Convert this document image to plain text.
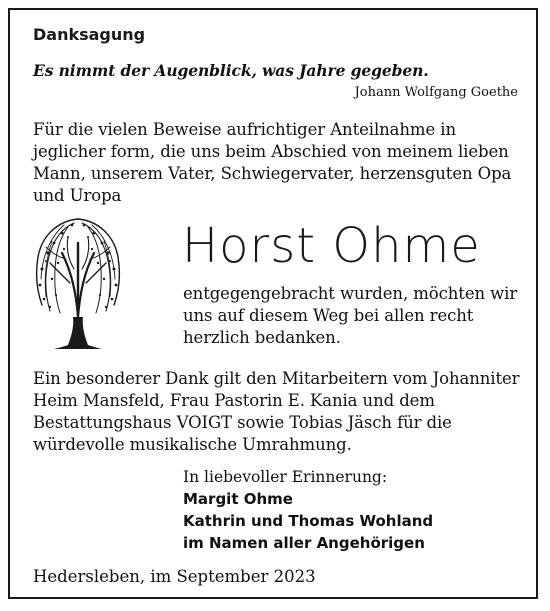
Danksagung
Es nimmt der Augenblick, was Jahre gegeben.
Johann Wolfgang Goethe
Für die vielen Beweise aufrichtiger Anteilnahme in
jeglicher form, die uns beim Abschied von meinem lieben
Mann, unserem Vater, Schwiegervater, herzensguten Opa
und Uropa
Horst Ohme
entgegengebracht wurden, möchten wir
uns auf diesem Weg bei allen recht
herzlich bedanken.
Ein besonderer Dank gilt den Mitarbeitern vom Johanniter
Heim Mansfeld, Frau Pastorin E. Kania und dem
Bestattungshaus VOIGT sowie Tobias Jäsch für die
würdevolle musikalische Umrahmung.
In liebevoller Erinnerung:
Margit Ohme
Kathrin und Thomas Wohland
im Namen aller Angehörigen
Hedersleben, im September 2023
